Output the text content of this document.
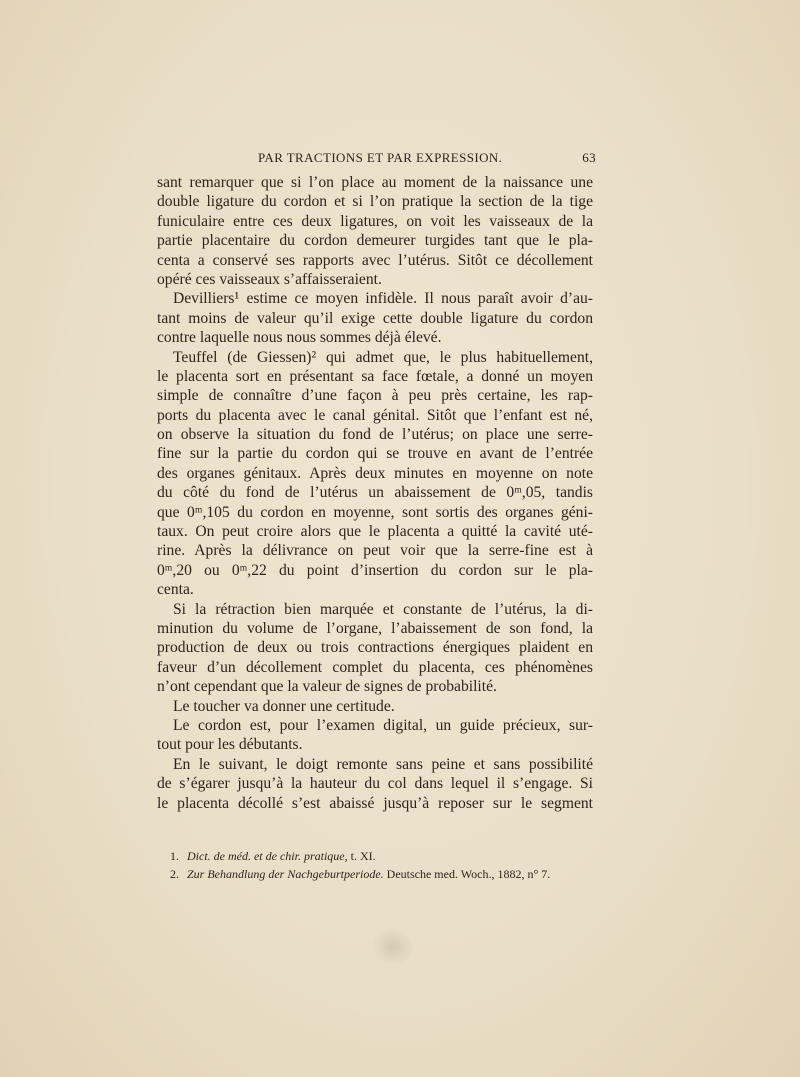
PAR TRACTIONS ET PAR EXPRESSION.	63
sant remarquer que si l’on place au moment de la naissance une
double ligature du cordon et si l’on pratique la section de la tige
funiculaire entre ces deux ligatures, on voit les vaisseaux de la
partie placentaire du cordon demeurer turgides tant que le pla-
centa a conservé ses rapports avec l’utérus. Sitôt ce décollement
opéré ces vaisseaux s’affaisseraient.
Devilliers¹ estime ce moyen infidèle. Il nous paraît avoir d’au-
tant moins de valeur qu’il exige cette double ligature du cordon
contre laquelle nous nous sommes déjà élevé.
Teuffel (de Giessen)² qui admet que, le plus habituellement,
le placenta sort en présentant sa face fœtale, a donné un moyen
simple de connaître d’une façon à peu près certaine, les rap-
ports du placenta avec le canal génital. Sitôt que l’enfant est né,
on observe la situation du fond de l’utérus; on place une serre-
fine sur la partie du cordon qui se trouve en avant de l’entrée
des organes génitaux. Après deux minutes en moyenne on note
du côté du fond de l’utérus un abaissement de 0ᵐ,05, tandis
que 0ᵐ,105 du cordon en moyenne, sont sortis des organes géni-
taux. On peut croire alors que le placenta a quitté la cavité uté-
rine. Après la délivrance on peut voir que la serre-fine est à
0ᵐ,20 ou 0ᵐ,22 du point d’insertion du cordon sur le pla-
centa.
Si la rétraction bien marquée et constante de l’utérus, la di-
minution du volume de l’organe, l’abaissement de son fond, la
production de deux ou trois contractions énergiques plaident en
faveur d’un décollement complet du placenta, ces phénomènes
n’ont cependant que la valeur de signes de probabilité.
Le toucher va donner une certitude.
Le cordon est, pour l’examen digital, un guide précieux, sur-
tout pour les débutants.
En le suivant, le doigt remonte sans peine et sans possibilité
de s’égarer jusqu’à la hauteur du col dans lequel il s’engage. Si
le placenta décollé s’est abaissé jusqu’à reposer sur le segment
1. Dict. de méd. et de chir. pratique, t. XI.
2. Zur Behandlung der Nachgeburtperiode. Deutsche med. Woch., 1882, n° 7.
